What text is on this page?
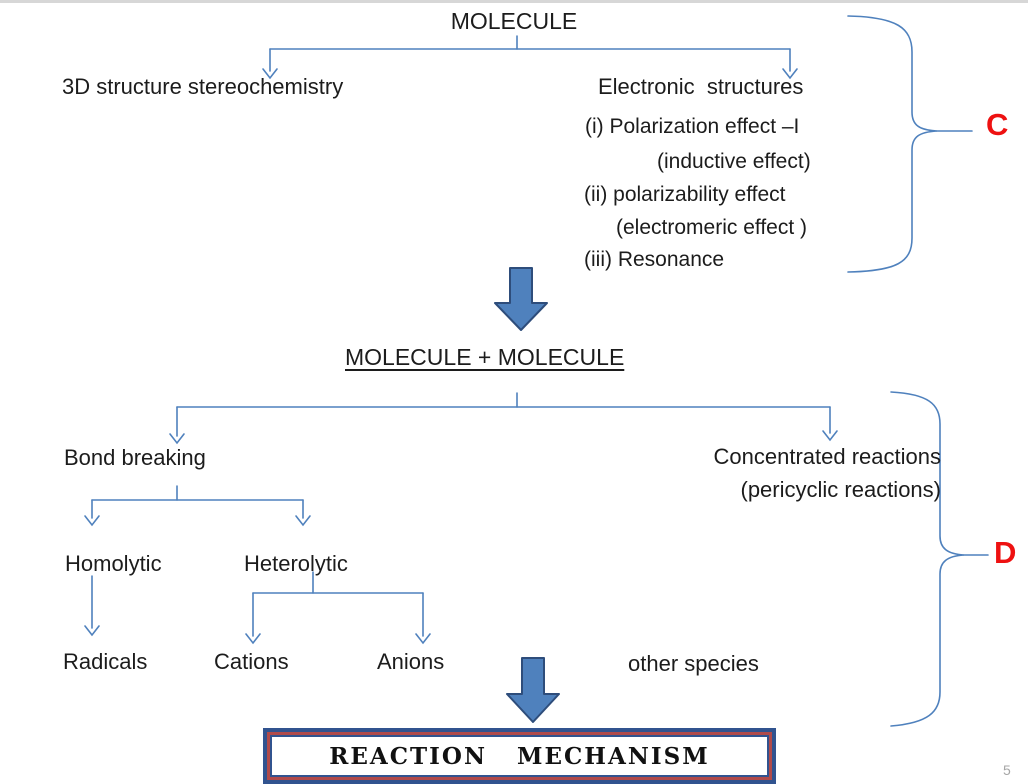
MOLECULE
3D structure stereochemistry	Electronic  structures
(i) Polarization effect –I
(inductive effect)
(ii) polarizability effect
(electromeric effect )
(iii) Resonance
C
MOLECULE + MOLECULE
Bond breaking	Concentrated reactions
(pericyclic reactions)
Homolytic	Heterolytic
Radicals	Cations	Anions	other species
D
REACTION   MECHANISM
5
